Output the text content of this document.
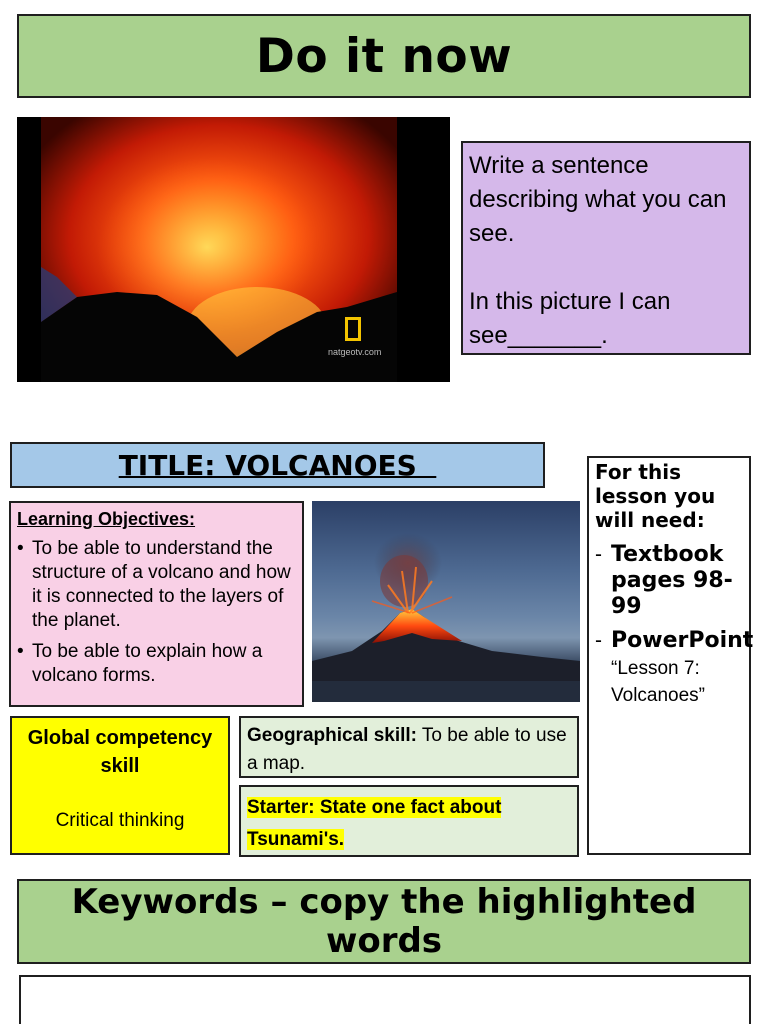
Do it now
natgeotv.com

Write a sentence describing what you can see.

In this picture I can see_______.

TITLE: VOLCANOES
Learning Objectives:
• To be able to understand the structure of a volcano and how it is connected to the layers of the planet.
• To be able to explain how a volcano forms.
For this lesson you will need:
- Textbook pages 98-99
- PowerPoint “Lesson 7: Volcanoes”
Global competency skill
Critical thinking
Geographical skill: To be able to use a map.
Starter: State one fact about Tsunami's.
Keywords – copy the highlighted words
